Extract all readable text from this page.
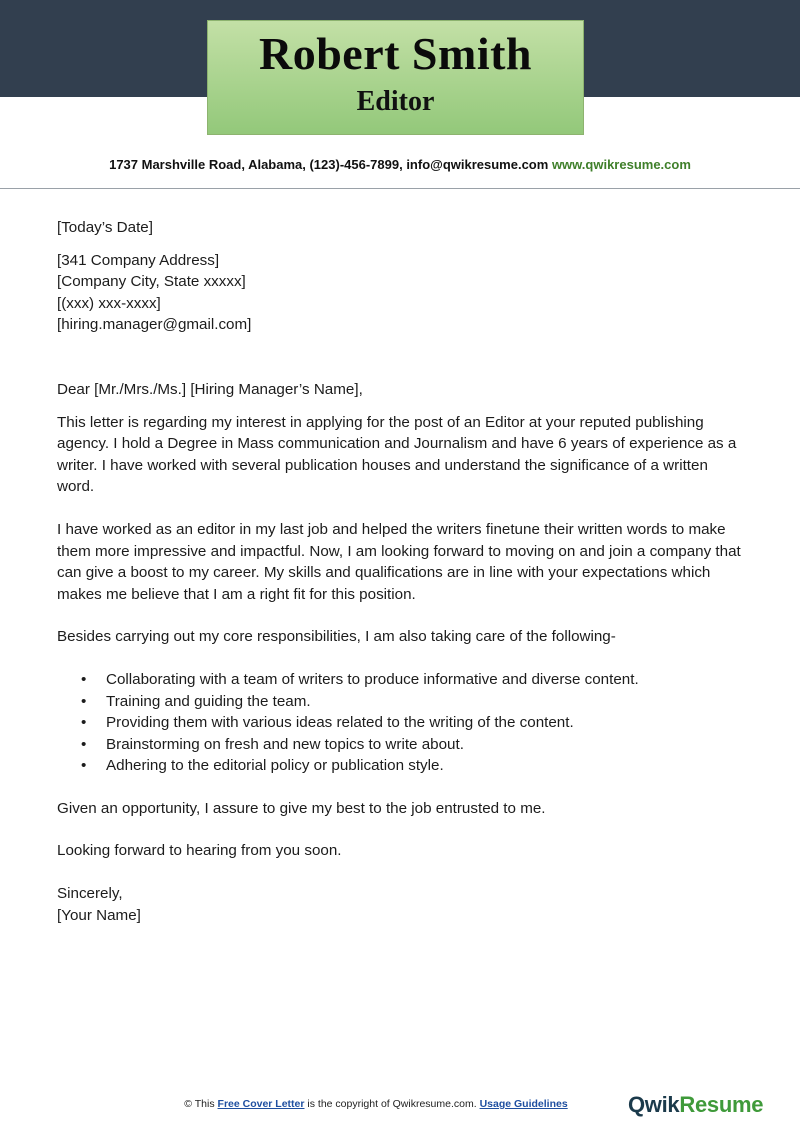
Robert Smith
Editor
1737 Marshville Road, Alabama, (123)-456-7899, info@qwikresume.com www.qwikresume.com

[Today’s Date]

[341 Company Address]

[Company City, State xxxxx]

[(xxx) xxx-xxxx]

[hiring.manager@gmail.com]

Dear [Mr./Mrs./Ms.] [Hiring Manager’s Name],

This letter is regarding my interest in applying for the post of an Editor at your reputed publishing agency. I hold a Degree in Mass communication and Journalism and have 6 years of experience as a writer. I have worked with several publication houses and understand the significance of a written word.

I have worked as an editor in my last job and helped the writers finetune their written words to make them more impressive and impactful. Now, I am looking forward to moving on and join a company that can give a boost to my career. My skills and qualifications are in line with your expectations which makes me believe that I am a right fit for this position.

Besides carrying out my core responsibilities, I am also taking care of the following-

• Collaborating with a team of writers to produce informative and diverse content.
• Training and guiding the team.
• Providing them with various ideas related to the writing of the content.
• Brainstorming on fresh and new topics to write about.
• Adhering to the editorial policy or publication style.

Given an opportunity, I assure to give my best to the job entrusted to me.

Looking forward to hearing from you soon.

Sincerely,

[Your Name]

© This Free Cover Letter is the copyright of Qwikresume.com. Usage Guidelines	QwikResume
